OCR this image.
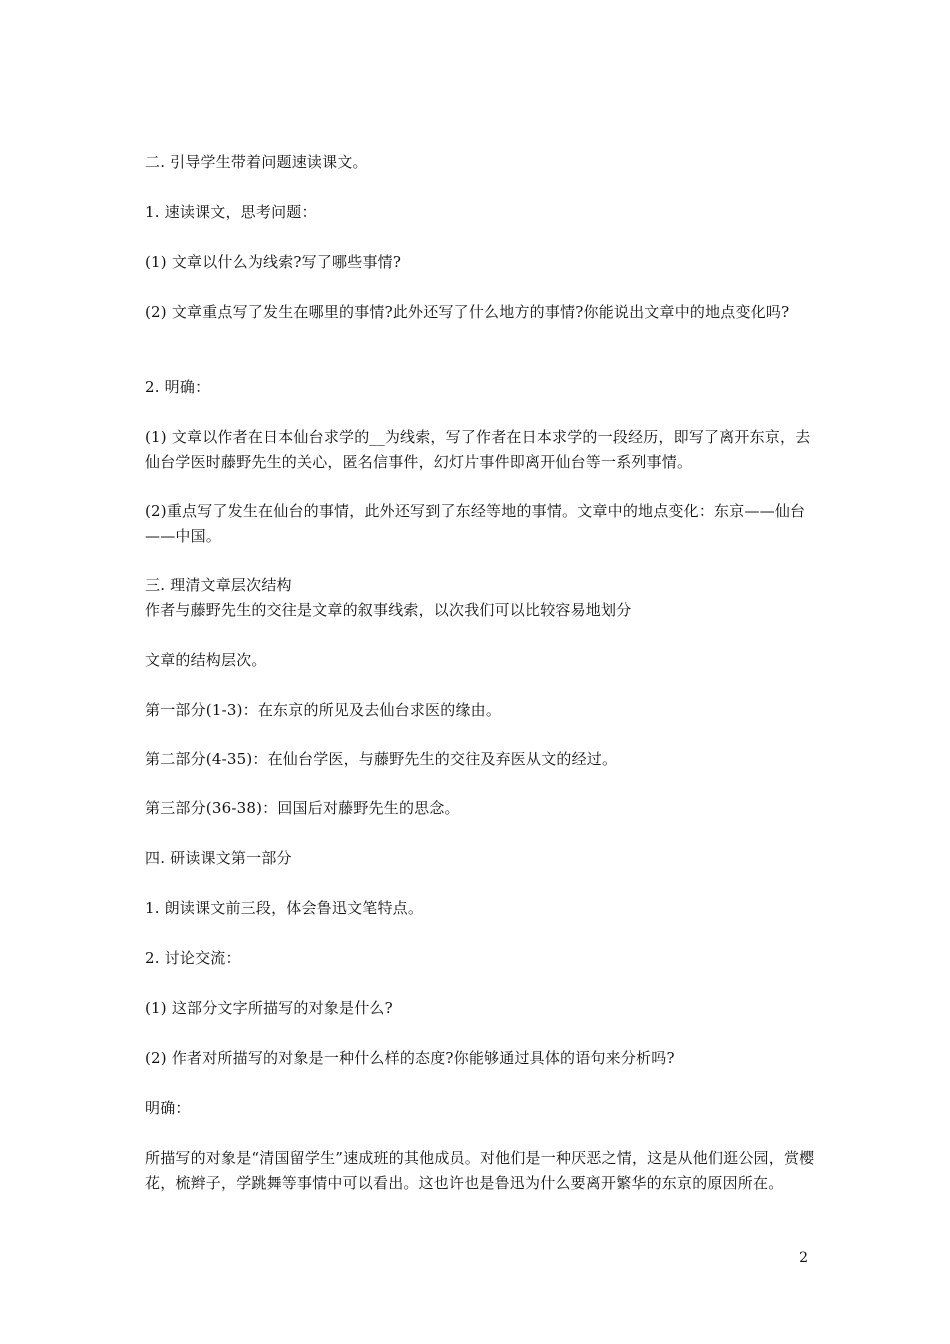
二. 引导学生带着问题速读课文。
1. 速读课文，思考问题：
(1) 文章以什么为线索?写了哪些事情?
(2) 文章重点写了发生在哪里的事情?此外还写了什么地方的事情?你能说出文章中的地点变化吗?
2. 明确：
(1) 文章以作者在日本仙台求学的__为线索，写了作者在日本求学的一段经历，即写了离开东京，去仙台学医时藤野先生的关心，匿名信事件，幻灯片事件即离开仙台等一系列事情。
(2)重点写了发生在仙台的事情，此外还写到了东经等地的事情。文章中的地点变化：东京——仙台——中国。
三. 理清文章层次结构
作者与藤野先生的交往是文章的叙事线索，以次我们可以比较容易地划分
文章的结构层次。
第一部分(1-3)：在东京的所见及去仙台求医的缘由。
第二部分(4-35)：在仙台学医，与藤野先生的交往及弃医从文的经过。
第三部分(36-38)：回国后对藤野先生的思念。
四. 研读课文第一部分
1. 朗读课文前三段，体会鲁迅文笔特点。
2. 讨论交流：
(1) 这部分文字所描写的对象是什么?
(2) 作者对所描写的对象是一种什么样的态度?你能够通过具体的语句来分析吗?
明确：
所描写的对象是“清国留学生”速成班的其他成员。对他们是一种厌恶之情，这是从他们逛公园，赏樱花，梳辫子，学跳舞等事情中可以看出。这也许也是鲁迅为什么要离开繁华的东京的原因所在。
2
